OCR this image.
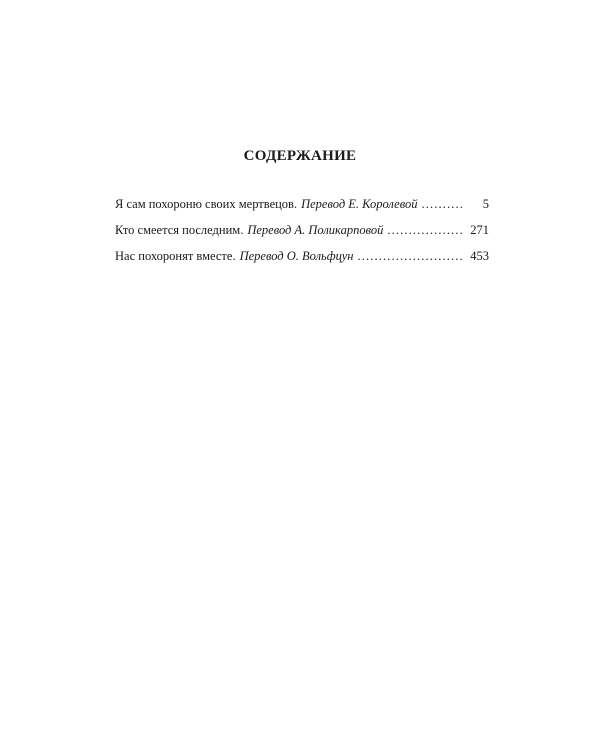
СОДЕРЖАНИЕ
Я сам похороню своих мертвецов. Перевод Е. Королевой . . .	5
Кто смеется последним. Перевод А. Поликарповой . . .	271
Нас похоронят вместе. Перевод О. Вольфцун . . .	453
